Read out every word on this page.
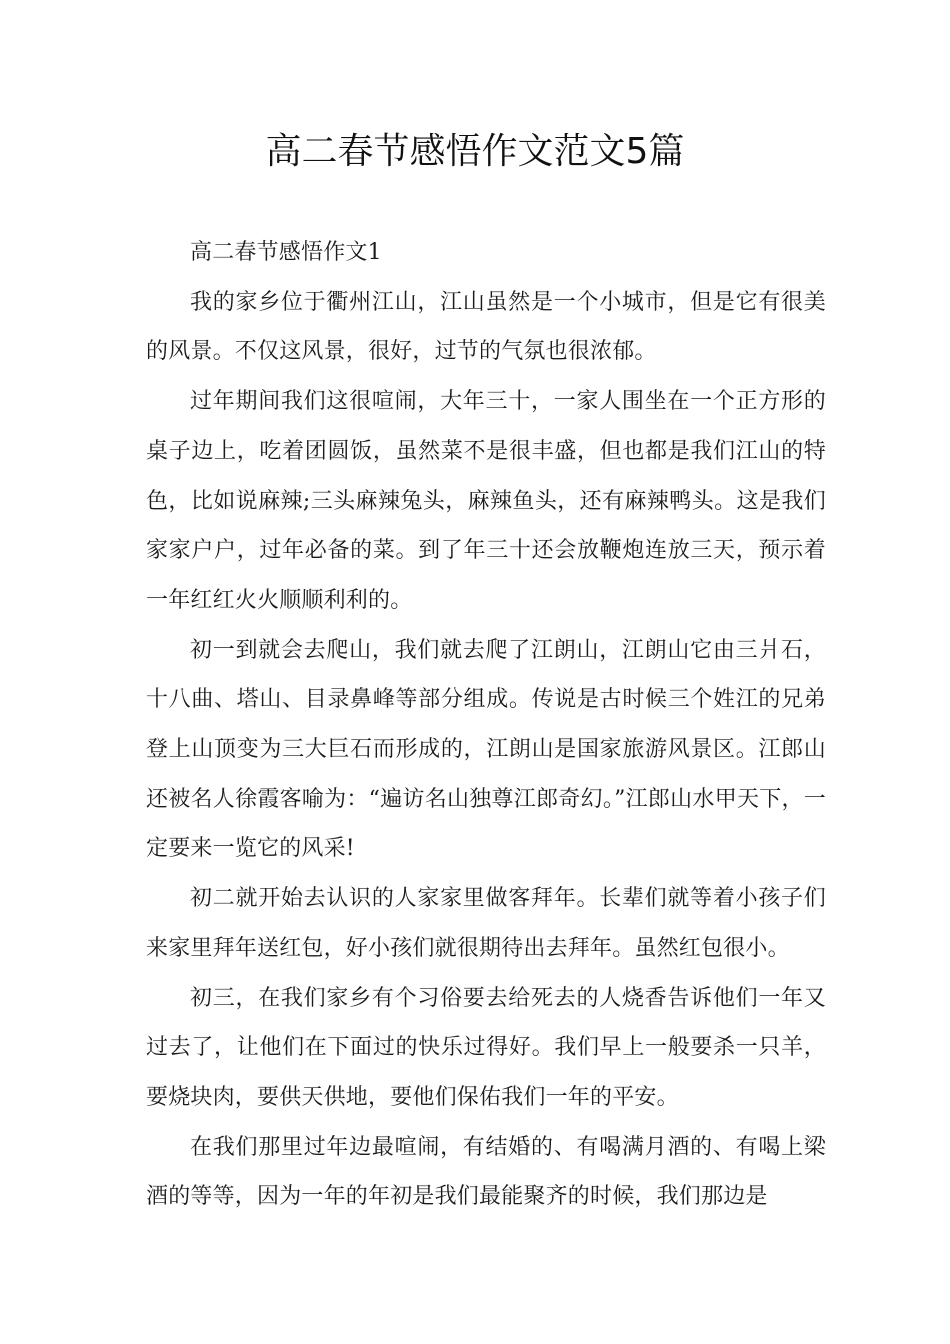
高二春节感悟作文范文5篇

高二春节感悟作文1

我的家乡位于衢州江山，江山虽然是一个小城市，但是它有很美的风景。不仅这风景，很好，过节的气氛也很浓郁。

过年期间我们这很喧闹，大年三十，一家人围坐在一个正方形的桌子边上，吃着团圆饭，虽然菜不是很丰盛，但也都是我们江山的特色，比如说麻辣;三头麻辣兔头，麻辣鱼头，还有麻辣鸭头。这是我们家家户户，过年必备的菜。到了年三十还会放鞭炮连放三天，预示着一年红红火火顺顺利利的。

初一到就会去爬山，我们就去爬了江朗山，江朗山它由三爿石，十八曲、塔山、目录鼻峰等部分组成。传说是古时候三个姓江的兄弟登上山顶变为三大巨石而形成的，江朗山是国家旅游风景区。江郎山还被名人徐霞客喻为：“遍访名山独尊江郎奇幻。”江郎山水甲天下，一定要来一览它的风采!

初二就开始去认识的人家家里做客拜年。长辈们就等着小孩子们来家里拜年送红包，好小孩们就很期待出去拜年。虽然红包很小。

初三，在我们家乡有个习俗要去给死去的人烧香告诉他们一年又过去了，让他们在下面过的快乐过得好。我们早上一般要杀一只羊，要烧块肉，要供天供地，要他们保佑我们一年的平安。

在我们那里过年边最喧闹，有结婚的、有喝满月酒的、有喝上梁酒的等等，因为一年的年初是我们最能聚齐的时候，我们那边是
